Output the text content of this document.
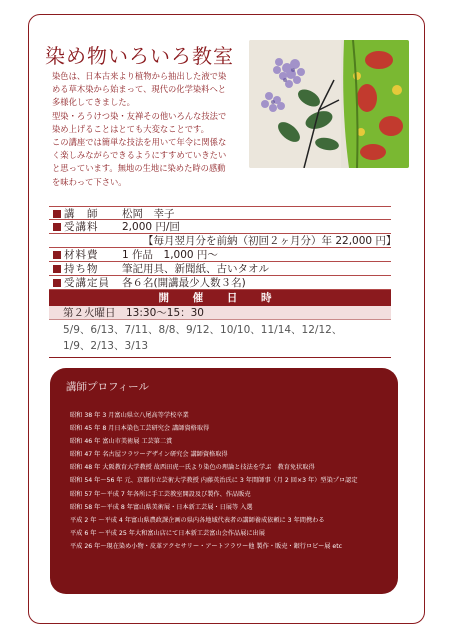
染め物いろいろ教室

染色は、日本古来より植物から抽出した液で染

める草木染から始まって、現代の化学染料へと

多様化してきました。

型染・ろうけつ染・友禅その他いろんな技法で

染め上げることはとても大変なことです。

この講座では簡単な技法を用いて年令に関係な

く楽しみながらできるようにすすめていきたい

と思っています。無地の生地に染めた時の感動

を味わって下さい。

講　師 松岡　幸子
受講料 2,000 円/回
【毎月翌月分を前納（初回２ヶ月分）年 22,000 円】
材料費 1 作品　1,000 円〜
持ち物 筆記用具、新聞紙、古いタオル
受講定員 各６名(開講最少人数３名)
開 催 日 時
第２火曜日　13:30〜15：30
5/9、6/13、7/11、8/8、9/12、10/10、11/14、12/12、
1/9、2/13、3/13
講師プロフィール
昭和 38 年 3 月富山県立八尾高等学校卒業
昭和 45 年 8 月日本染色工芸研究会 講師資格取得
昭和 46 年 富山市美術展 工芸第二賞
昭和 47 年 名古屋フラワーデザイン研究会 講師資格取得
昭和 48 年 大阪教育大学教授 故西田虎一氏より染色の理論と技法を学ぶ　教育免状取得
昭和 54 年〜56 年 元、京都市立芸術大学教授 内藤英治氏に 3 年間師事（月 2 回×3 年）型染プロ認定
昭和 57 年〜平成 7 年各所に手工芸教室開設及び製作、作品販売
昭和 58 年〜平成 8 年富山県美術展・日本新工芸展・日展等 入選
平成 2 年 〜平成 4 年富山県農政課企画の県内各地域代表者の講師養成依頼に 3 年間携わる
平成 6 年 〜平成 25 年大和富山店にて日本新工芸富山会作品展に出展
平成 26 年〜現在染め小物・皮革アクセサリー・アートフラワー他 製作・販売・銀行ロビー展 etc
